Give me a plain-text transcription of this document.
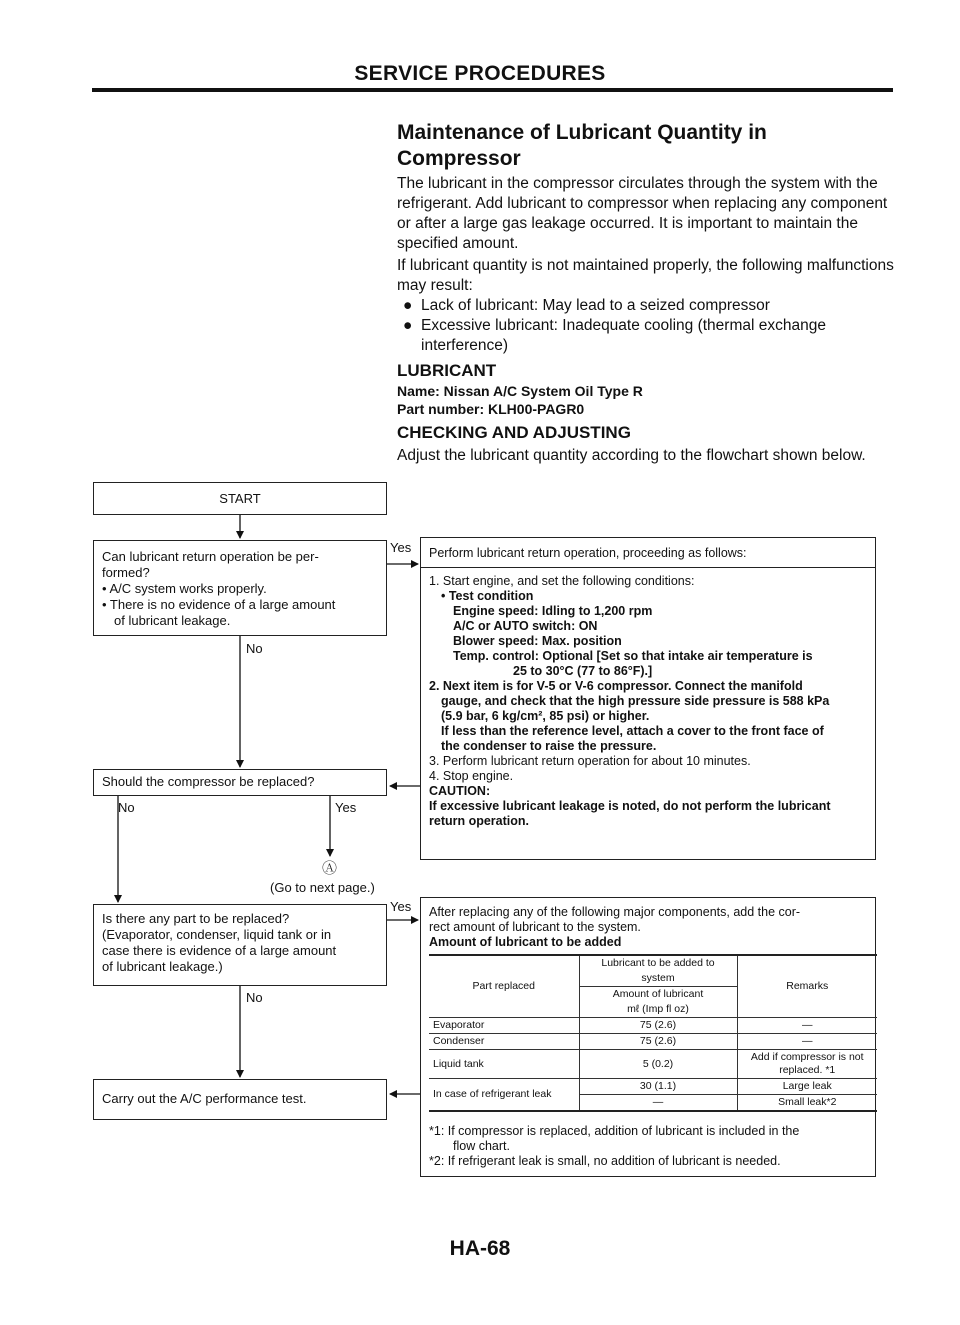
SERVICE PROCEDURES
Maintenance of Lubricant Quantity in
Compressor
The lubricant in the compressor circulates through the system with the refrigerant. Add lubricant to compressor when replacing any component or after a large gas leakage occurred. It is important to maintain the specified amount.
If lubricant quantity is not maintained properly, the following malfunctions may result:
● Lack of lubricant: May lead to a seized compressor
● Excessive lubricant: Inadequate cooling (thermal exchange interference)
LUBRICANT
Name: Nissan A/C System Oil Type R
Part number: KLH00-PAGR0
CHECKING AND ADJUSTING
Adjust the lubricant quantity according to the flowchart shown below.
START
Can lubricant return operation be per-
formed?
• A/C system works properly.
• There is no evidence of a large amount
of lubricant leakage.
Yes
No
Perform lubricant return operation, proceeding as follows:
1. Start engine, and set the following conditions:
• Test condition
Engine speed: Idling to 1,200 rpm
A/C or AUTO switch: ON
Blower speed: Max. position
Temp. control: Optional [Set so that intake air temperature is
25 to 30°C (77 to 86°F).]
2. Next item is for V-5 or V-6 compressor. Connect the manifold
gauge, and check that the high pressure side pressure is 588 kPa
(5.9 bar, 6 kg/cm², 85 psi) or higher.
If less than the reference level, attach a cover to the front face of
the condenser to raise the pressure.
3. Perform lubricant return operation for about 10 minutes.
4. Stop engine.
CAUTION:
If excessive lubricant leakage is noted, do not perform the lubricant
return operation.
Should the compressor be replaced?
No	Yes
Ⓐ
(Go to next page.)
Is there any part to be replaced?
(Evaporator, condenser, liquid tank or in
case there is evidence of a large amount
of lubricant leakage.)
Yes
No
After replacing any of the following major components, add the cor-
rect amount of lubricant to the system.
Amount of lubricant to be added
Part replaced	Lubricant to be added to	Remarks
	system	
	Amount of lubricant	
	mℓ (Imp fl oz)	
Evaporator	75 (2.6)	—
Condenser	75 (2.6)	—
Liquid tank	5 (0.2)	Add if compressor is not replaced. *1
In case of refrigerant leak	30 (1.1)	Large leak
	—	Small leak*2
*1: If compressor is replaced, addition of lubricant is included in the
flow chart.
*2: If refrigerant leak is small, no addition of lubricant is needed.
Carry out the A/C performance test.
HA-68
